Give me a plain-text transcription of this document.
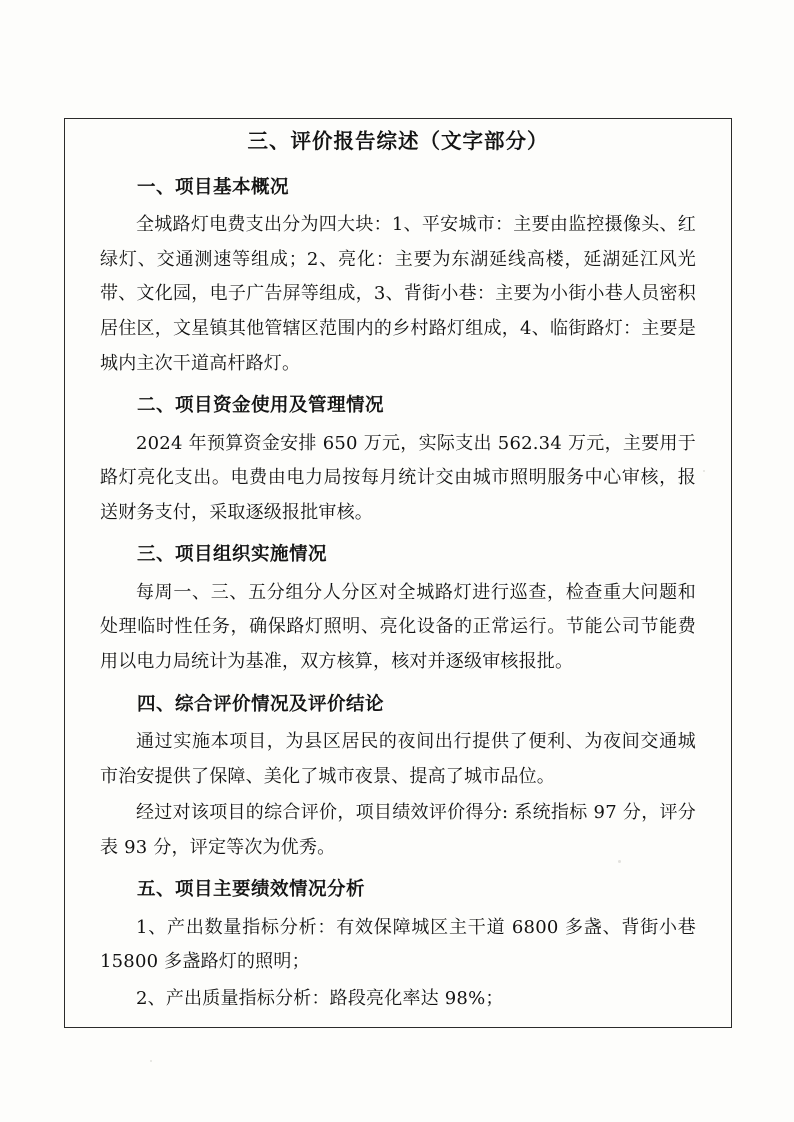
三、评价报告综述（文字部分）
一、项目基本概况

全城路灯电费支出分为四大块：1、平安城市：主要由监控摄像头、红绿灯、交通测速等组成；2、亮化：主要为东湖延线高楼，延湖延江风光带、文化园，电子广告屏等组成，3、背街小巷：主要为小街小巷人员密积居住区，文星镇其他管辖区范围内的乡村路灯组成，4、临街路灯：主要是城内主次干道高杆路灯。

二、项目资金使用及管理情况

2024 年预算资金安排 650 万元，实际支出 562.34 万元，主要用于路灯亮化支出。电费由电力局按每月统计交由城市照明服务中心审核，报送财务支付，采取逐级报批审核。

三、项目组织实施情况

每周一、三、五分组分人分区对全城路灯进行巡查，检查重大问题和处理临时性任务，确保路灯照明、亮化设备的正常运行。节能公司节能费用以电力局统计为基准，双方核算，核对并逐级审核报批。

四、综合评价情况及评价结论

通过实施本项目，为县区居民的夜间出行提供了便利、为夜间交通城市治安提供了保障、美化了城市夜景、提高了城市品位。

经过对该项目的综合评价，项目绩效评价得分: 系统指标 97 分，评分表 93 分，评定等次为优秀。

五、项目主要绩效情况分析

1、产出数量指标分析：有效保障城区主干道 6800 多盏、背街小巷 15800 多盏路灯的照明；

2、产出质量指标分析：路段亮化率达 98%；
